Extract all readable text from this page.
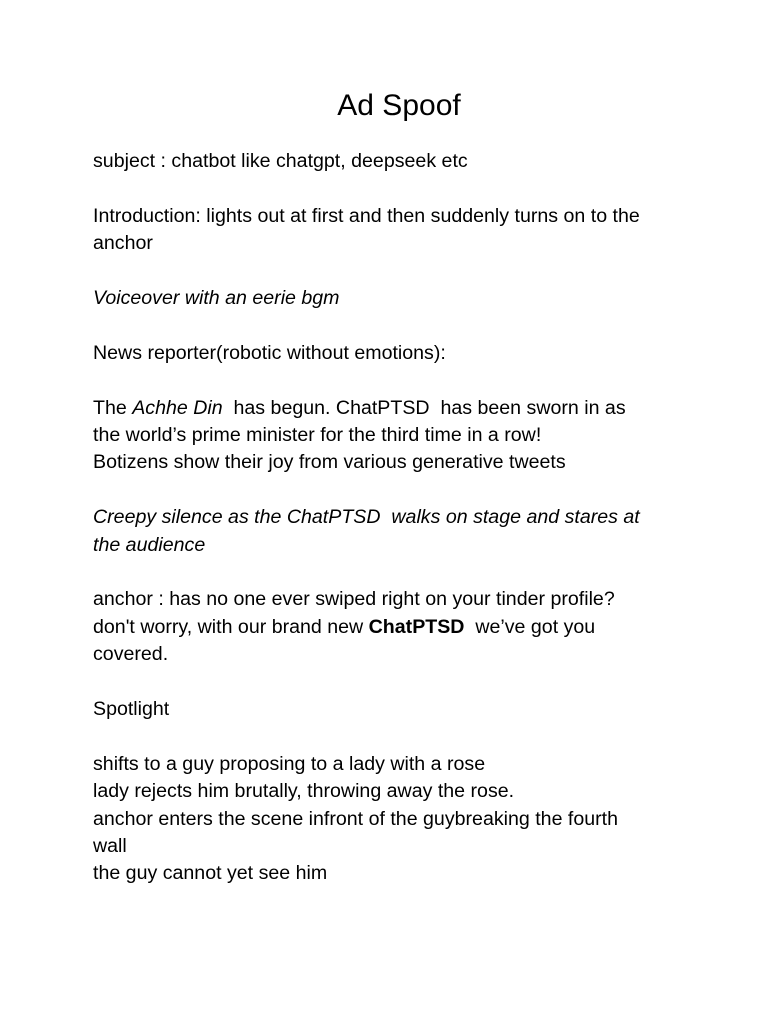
Ad Spoof

subject : chatbot like chatgpt, deepseek etc

Introduction: lights out at first and then suddenly turns on to the
anchor

Voiceover with an eerie bgm

News reporter(robotic without emotions):

The Achhe Din  has begun. ChatPTSD  has been sworn in as
the world’s prime minister for the third time in a row!
Botizens show their joy from various generative tweets

Creepy silence as the ChatPTSD  walks on stage and stares at
the audience

anchor : has no one ever swiped right on your tinder profile?
don't worry, with our brand new ChatPTSD  we’ve got you
covered.

Spotlight

shifts to a guy proposing to a lady with a rose
lady rejects him brutally, throwing away the rose.
anchor enters the scene infront of the guybreaking the fourth
wall
the guy cannot yet see him
